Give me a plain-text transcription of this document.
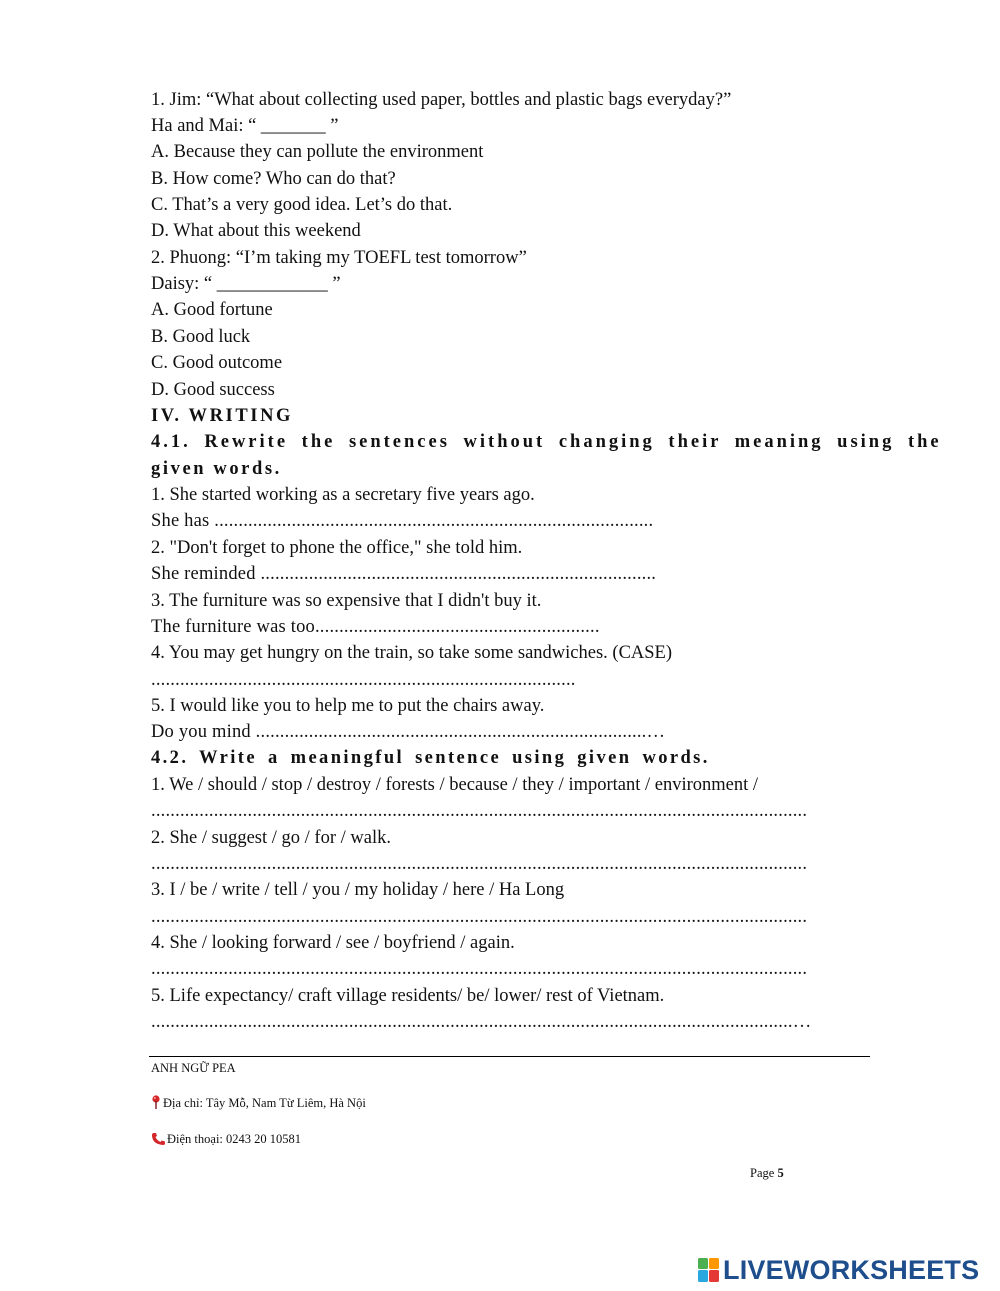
1. Jim: “What about collecting used paper, bottles and plastic bags everyday?”
Ha and Mai: “ _______ ”
A. Because they can pollute the environment
B. How come? Who can do that?
C. That’s a very good idea. Let’s do that.
D. What about this weekend
2. Phuong: “I’m taking my TOEFL test tomorrow”
Daisy: “ ____________ ”
A. Good fortune
B. Good luck
C. Good outcome
D. Good success
IV. WRITING
4.1. Rewrite the sentences without changing their meaning using the
given words.
1. She started working as a secretary five years ago.
She has ...........................................................................................
2. "Don't forget to phone the office," she told him.
She reminded ..................................................................................
3. The furniture was so expensive that I didn't buy it.
The furniture was too...........................................................
4. You may get hungry on the train, so take some sandwiches. (CASE)
........................................................................................
5. I would like you to help me to put the chairs away.
Do you mind .................................................................................…
4.2. Write a meaningful sentence using given words.
1. We / should / stop / destroy / forests / because / they / important / environment /
........................................................................................................................................
2. She / suggest / go / for / walk.
........................................................................................................................................
3. I / be / write / tell / you / my holiday / here / Ha Long
........................................................................................................................................
4. She / looking forward / see / boyfriend / again.
........................................................................................................................................
5. Life expectancy/ craft village residents/ be/ lower/ rest of Vietnam.
.....................................................................................................................................…
ANH NGỮ PEA
Địa chỉ: Tây Mỗ, Nam Từ Liêm, Hà Nội
Điện thoại: 0243 20 10581
Page 5
LIVEWORKSHEETS
